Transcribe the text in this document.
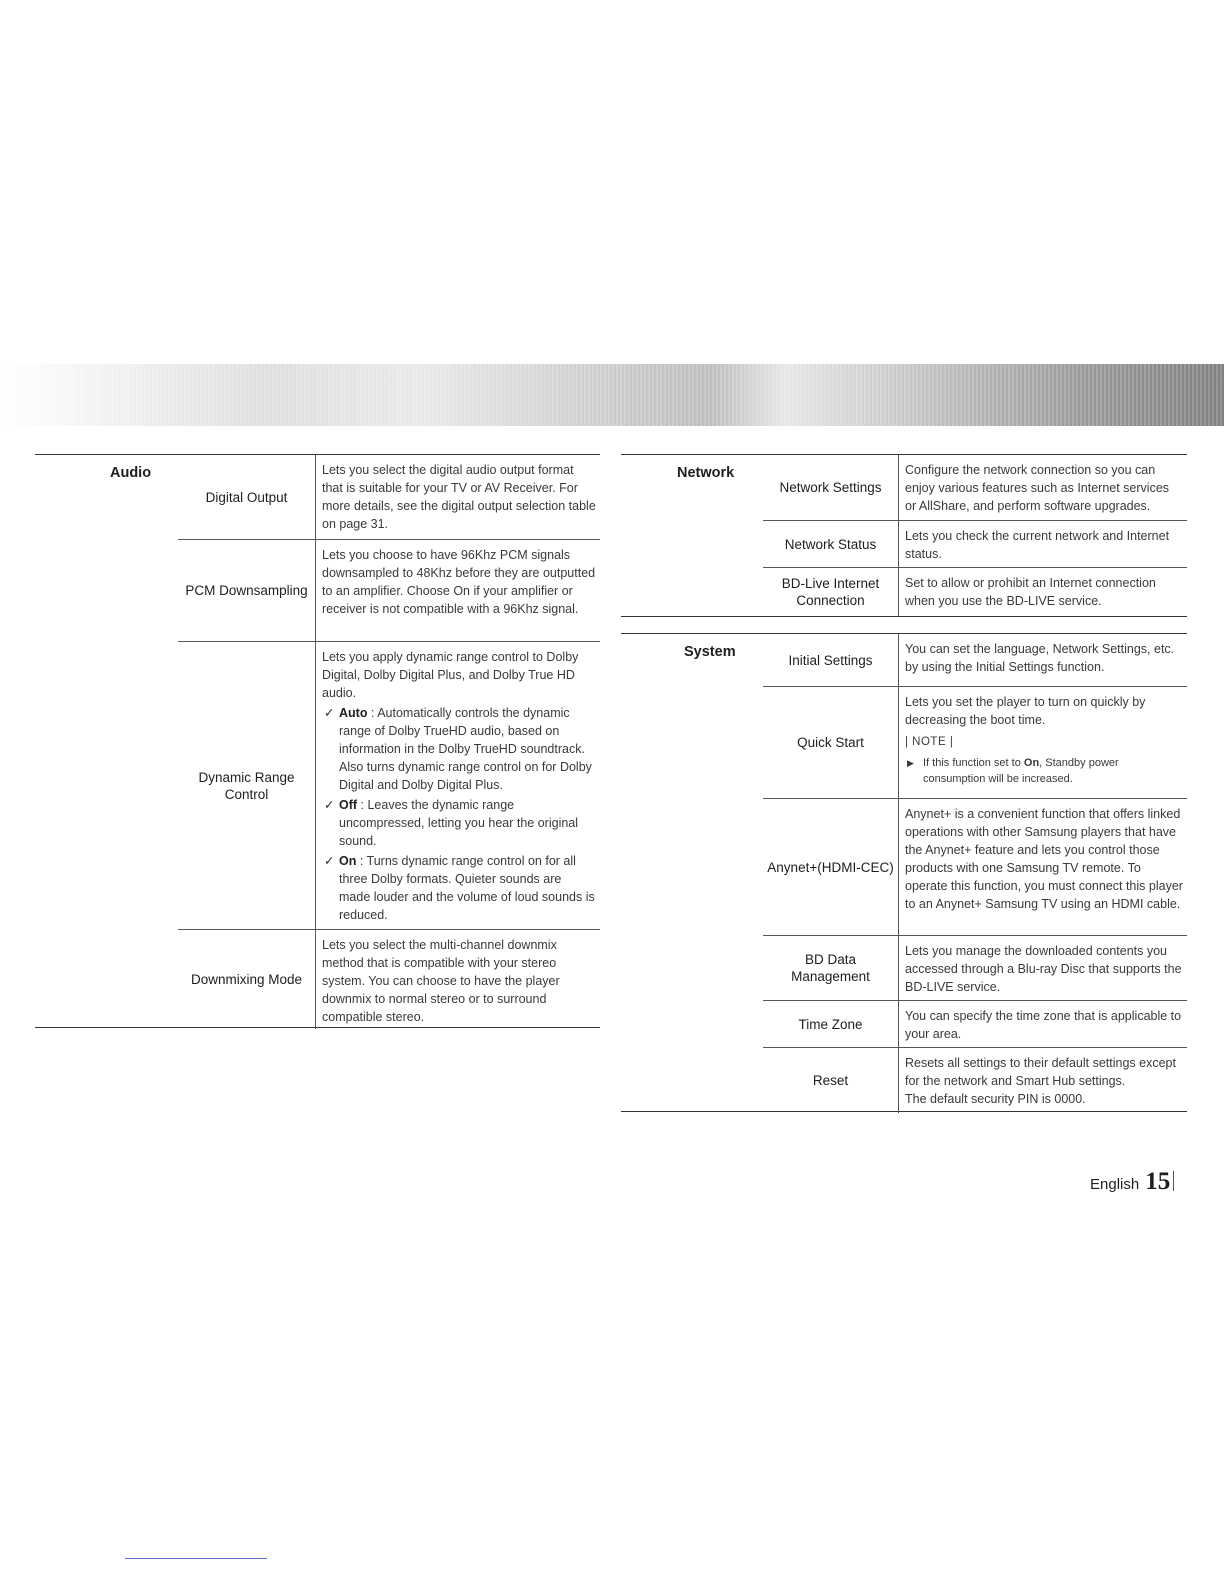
Audio
Digital Output
Lets you select the digital audio output format that is suitable for your TV or AV Receiver. For more details, see the digital output selection table on page 31.
PCM Downsampling
Lets you choose to have 96Khz PCM signals downsampled to 48Khz before they are outputted to an amplifier. Choose On if your amplifier or receiver is not compatible with a 96Khz signal.
Dynamic Range Control

Lets you apply dynamic range control to Dolby Digital, Dolby Digital Plus, and Dolby True HD audio.

✓ Auto : Automatically controls the dynamic range of Dolby TrueHD audio, based on information in the Dolby TrueHD soundtrack. Also turns dynamic range control on for Dolby Digital and Dolby Digital Plus.
✓ Off : Leaves the dynamic range uncompressed, letting you hear the original sound.
✓ On : Turns dynamic range control on for all three Dolby formats. Quieter sounds are made louder and the volume of loud sounds is reduced.
Downmixing Mode
Lets you select the multi-channel downmix method that is compatible with your stereo system. You can choose to have the player downmix to normal stereo or to surround compatible stereo.
Network
Network Settings
Configure the network connection so you can enjoy various features such as Internet services or AllShare, and perform software upgrades.
Network Status
Lets you check the current network and Internet status.
BD-Live Internet Connection
Set to allow or prohibit an Internet connection when you use the BD-LIVE service.
System	Initial Settings
You can set the language, Network Settings, etc. by using the Initial Settings function.
Quick Start

Lets you set the player to turn on quickly by decreasing the boot time.

| NOTE |
▶ If this function set to On, Standby power consumption will be increased.
Anynet+(HDMI-CEC)
Anynet+ is a convenient function that offers linked operations with other Samsung players that have the Anynet+ feature and lets you control those products with one Samsung TV remote. To operate this function, you must connect this player to an Anynet+ Samsung TV using an HDMI cable.
BD Data Management
Lets you manage the downloaded contents you accessed through a Blu-ray Disc that supports the BD-LIVE service.
Time Zone
You can specify the time zone that is applicable to your area.
Reset

Resets all settings to their default settings except for the network and Smart Hub settings.

The default security PIN is 0000.

English 15
